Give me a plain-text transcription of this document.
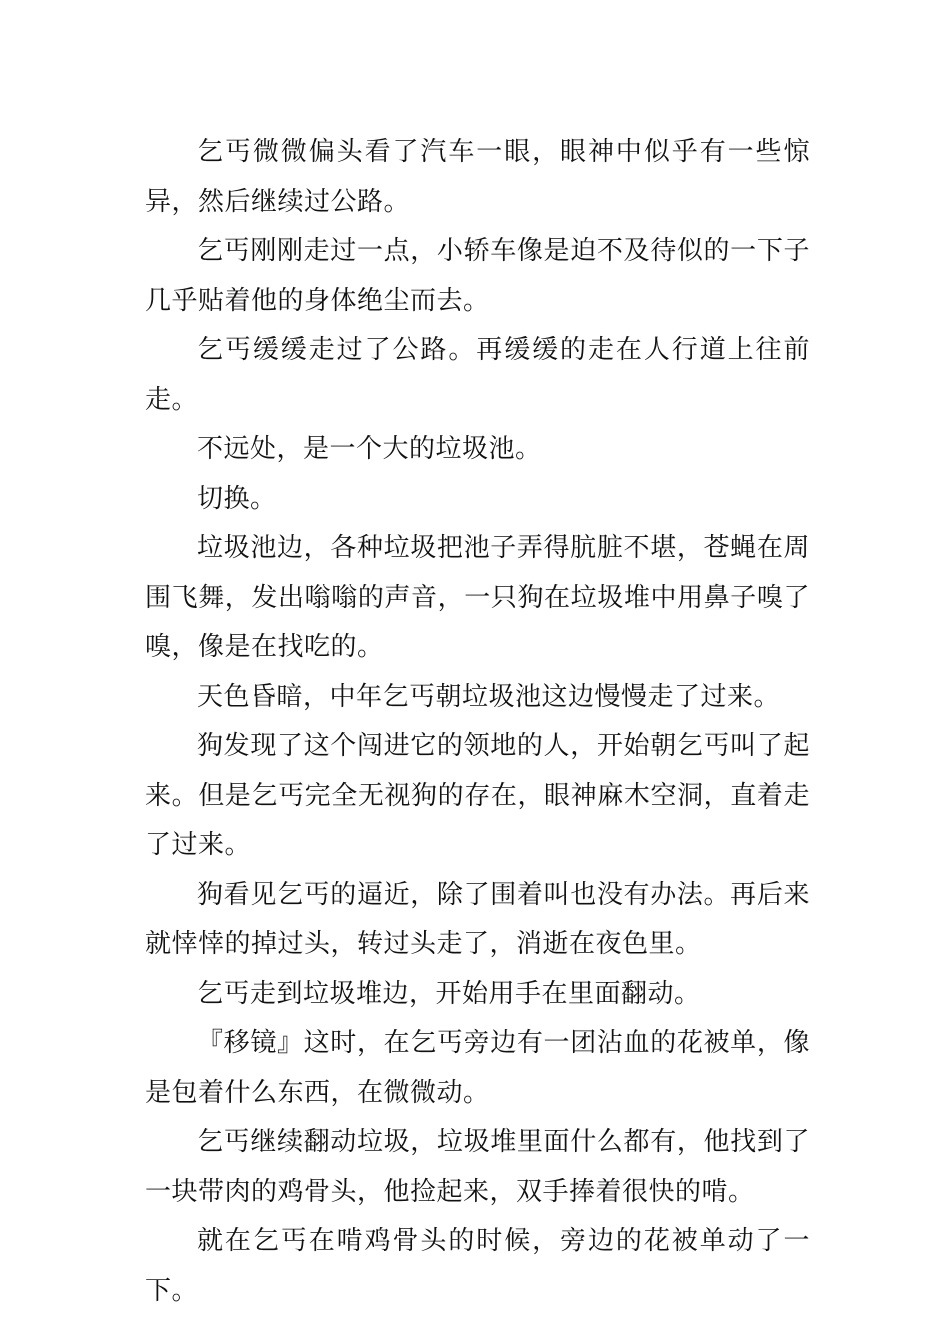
乞丐微微偏头看了汽车一眼，眼神中似乎有一些惊异，然后继续过公路。

乞丐刚刚走过一点，小轿车像是迫不及待似的一下子几乎贴着他的身体绝尘而去。

乞丐缓缓走过了公路。再缓缓的走在人行道上往前走。

不远处，是一个大的垃圾池。

切换。

垃圾池边，各种垃圾把池子弄得肮脏不堪，苍蝇在周围飞舞，发出嗡嗡的声音，一只狗在垃圾堆中用鼻子嗅了嗅，像是在找吃的。

天色昏暗，中年乞丐朝垃圾池这边慢慢走了过来。

狗发现了这个闯进它的领地的人，开始朝乞丐叫了起来。但是乞丐完全无视狗的存在，眼神麻木空洞，直着走了过来。

狗看见乞丐的逼近，除了围着叫也没有办法。再后来就悻悻的掉过头，转过头走了，消逝在夜色里。

乞丐走到垃圾堆边，开始用手在里面翻动。

『移镜』这时，在乞丐旁边有一团沾血的花被单，像是包着什么东西，在微微动。

乞丐继续翻动垃圾，垃圾堆里面什么都有，他找到了一块带肉的鸡骨头，他捡起来，双手捧着很快的啃。

就在乞丐在啃鸡骨头的时候，旁边的花被单动了一下。
